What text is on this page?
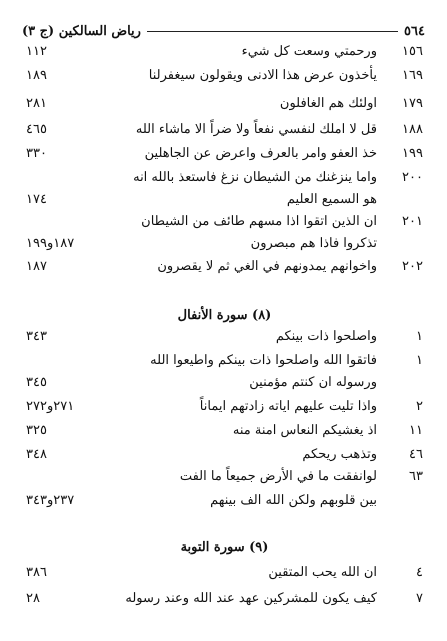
٥٦٤
رياض السالكين (ج ٣)
١٥٦
ورحمتي وسعت كل شيء
١١٢
١٦٩
يأخذون عرض هذا الادنى ويقولون سيغفرلنا
١٨٩
١٧٩
اولئك هم الغافلون
٢٨١
١٨٨
قل لا املك لنفسي نفعاً ولا ضراً الا ماشاء الله
٤٦٥
١٩٩
خذ العفو وامر بالعرف واعرض عن الجاهلين
٣٣٠
٢٠٠
واما ينزغنك من الشيطان نزغ فاستعذ بالله انه
هو السميع العليم
١٧٤
٢٠١
ان الذين اتقوا اذا مسهم طائف من الشيطان
تذكروا فاذا هم مبصرون
١٨٧و١٩٩
٢٠٢
واخوانهم يمدونهم في الغي ثم لا يقصرون
١٨٧
(٨) سورة الأنفال
١
واصلحوا ذات بينكم
٣٤٣
١
فاتقوا الله واصلحوا ذات بينكم واطيعوا الله
ورسوله ان كنتم مؤمنين
٣٤٥
٢
واذا تليت عليهم اياته زادتهم ايماناً
٢٧١و٢٧٢
١١
اذ يغشيكم النعاس امنة منه
٣٢٥
٤٦
وتذهب ريحكم
٣٤٨
٦٣
لوانفقت ما في الأرض جميعاً ما الفت
بين قلوبهم ولكن الله الف بينهم
٢٣٧و٣٤٣
(٩) سورة التوبة
٤
ان الله يحب المتقين
٣٨٦
٧
كيف يكون للمشركين عهد عند الله وعند رسوله
٢٨
